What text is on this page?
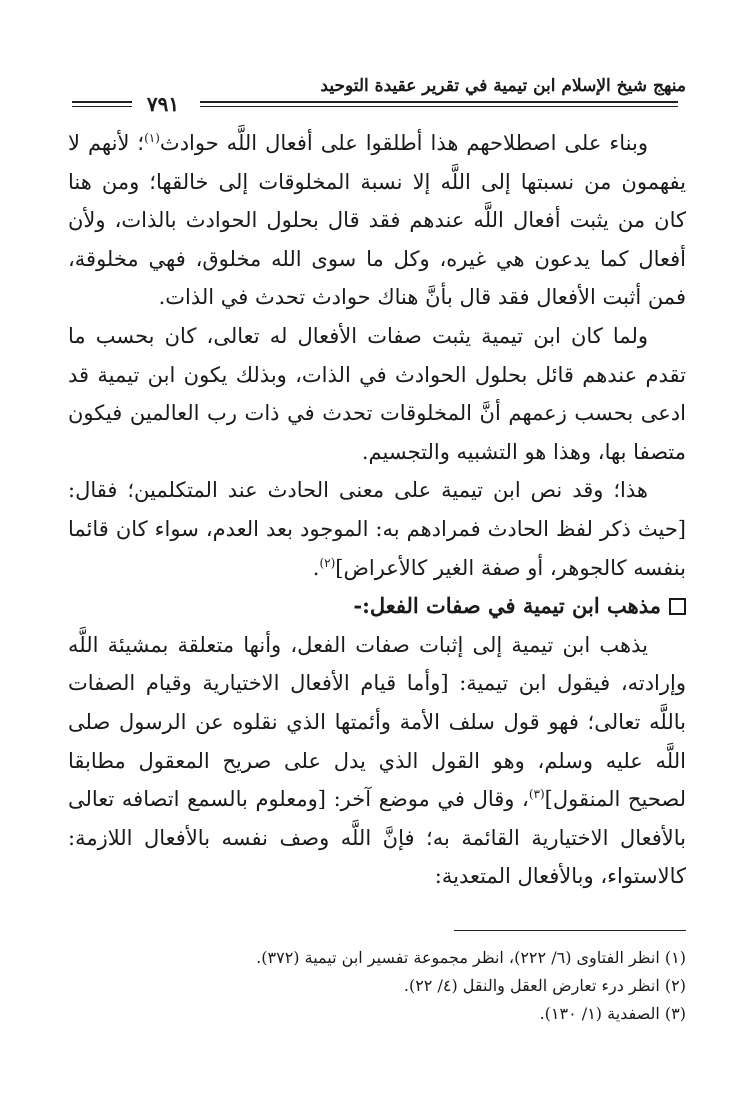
منهج شيخ الإسلام ابن تيمية في تقرير عقيدة التوحيد
٧٩١

وبناء على اصطلاحهم هذا أطلقوا على أفعال اللَّه حوادث$^{(١)}$؛ لأنهم لا يفهمون من نسبتها إلى اللَّه إلا نسبة المخلوقات إلى خالقها؛ ومن هنا كان من يثبت أفعال اللَّه عندهم فقد قال بحلول الحوادث بالذات، ولأن أفعال كما يدعون هي غيره، وكل ما سوى الله مخلوق، فهي مخلوقة، فمن أثبت الأفعال فقد قال بأنَّ هناك حوادث تحدث في الذات.

ولما كان ابن تيمية يثبت صفات الأفعال له تعالى، كان بحسب ما تقدم عندهم قائل بحلول الحوادث في الذات، وبذلك يكون ابن تيمية قد ادعى بحسب زعمهم أنَّ المخلوقات تحدث في ذات رب العالمين فيكون متصفا بها، وهذا هو التشبيه والتجسيم.

هذا؛ وقد نص ابن تيمية على معنى الحادث عند المتكلمين؛ فقال: [حيث ذكر لفظ الحادث فمرادهم به: الموجود بعد العدم، سواء كان قائما بنفسه كالجوهر، أو صفة الغير كالأعراض]$^{(٢)}$.

مذهب ابن تيمية في صفات الفعل:-

يذهب ابن تيمية إلى إثبات صفات الفعل، وأنها متعلقة بمشيئة اللَّه وإرادته، فيقول ابن تيمية: [وأما قيام الأفعال الاختيارية وقيام الصفات باللَّه تعالى؛ فهو قول سلف الأمة وأئمتها الذي نقلوه عن الرسول صلى اللَّه عليه وسلم، وهو القول الذي يدل على صريح المعقول مطابقا لصحيح المنقول]$^{(٣)}$، وقال في موضع آخر: [ومعلوم بالسمع اتصافه تعالى بالأفعال الاختيارية القائمة به؛ فإنَّ اللَّه وصف نفسه بالأفعال اللازمة: كالاستواء، وبالأفعال المتعدية:

(١) انظر الفتاوى (٦/ ٢٢٢)، انظر مجموعة تفسير ابن تيمية (٣٧٢).
(٢) انظر درء تعارض العقل والنقل (٤/ ٢٢).
(٣) الصفدية (١/ ١٣٠).
